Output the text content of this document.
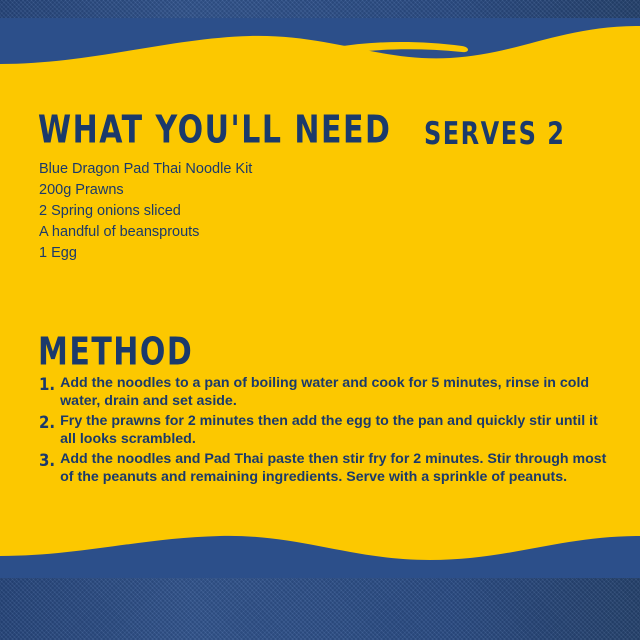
WHAT YOU'LL NEED SERVES 2
Blue Dragon Pad Thai Noodle Kit
200g Prawns
2 Spring onions sliced
A handful of beansprouts
1 Egg
METHOD
1. Add the noodles to a pan of boiling water and cook for 5 minutes, rinse in cold water, drain and set aside.
2. Fry the prawns for 2 minutes then add the egg to the pan and quickly stir until it all looks scrambled.
3. Add the noodles and Pad Thai paste then stir fry for 2 minutes. Stir through most of the peanuts and remaining ingredients. Serve with a sprinkle of peanuts.
